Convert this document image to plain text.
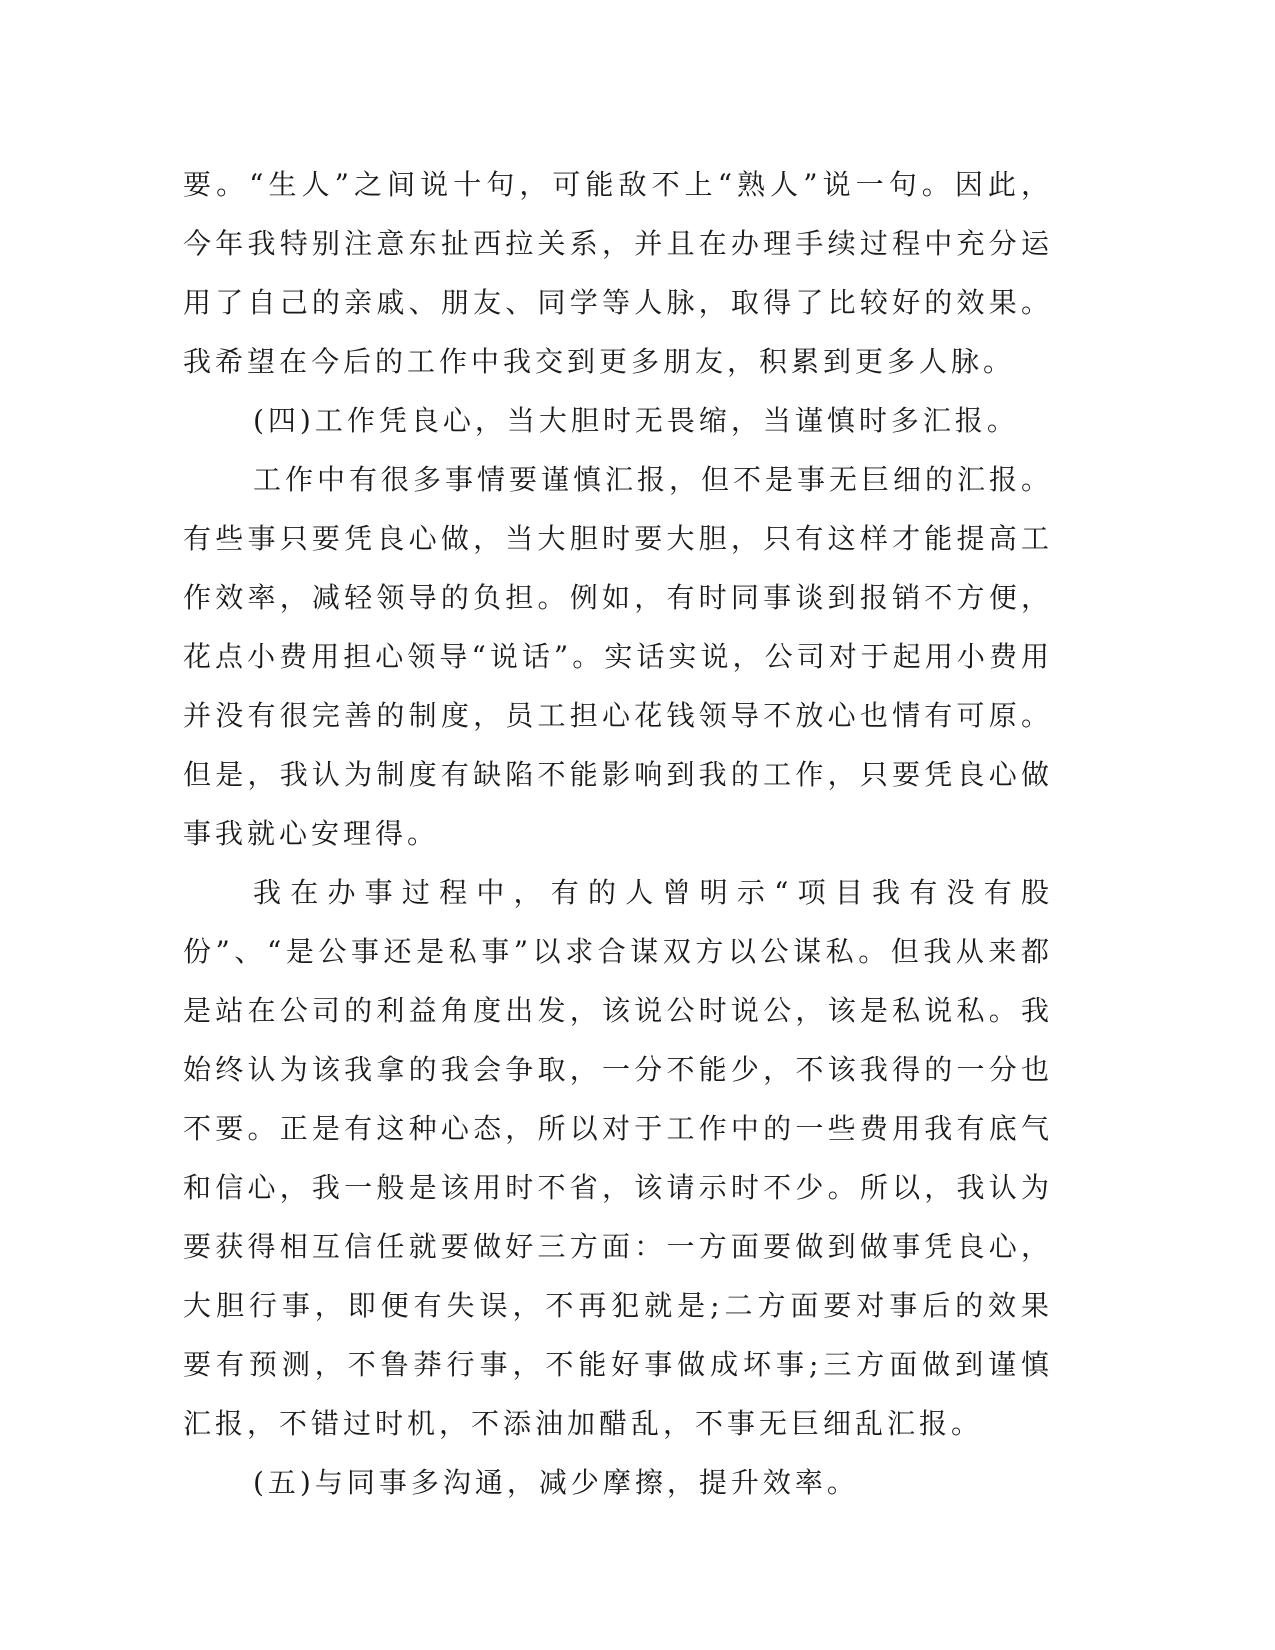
要。“生人”之间说十句，可能敌不上“熟人”说一句。因此，今年我特别注意东扯西拉关系，并且在办理手续过程中充分运用了自己的亲戚、朋友、同学等人脉，取得了比较好的效果。我希望在今后的工作中我交到更多朋友，积累到更多人脉。

(四)工作凭良心，当大胆时无畏缩，当谨慎时多汇报。

工作中有很多事情要谨慎汇报，但不是事无巨细的汇报。有些事只要凭良心做，当大胆时要大胆，只有这样才能提高工作效率，减轻领导的负担。例如，有时同事谈到报销不方便，花点小费用担心领导“说话”。实话实说，公司对于起用小费用并没有很完善的制度，员工担心花钱领导不放心也情有可原。但是，我认为制度有缺陷不能影响到我的工作，只要凭良心做事我就心安理得。

我在办事过程中，有的人曾明示“项目我有没有股份”、“是公事还是私事”以求合谋双方以公谋私。但我从来都是站在公司的利益角度出发，该说公时说公，该是私说私。我始终认为该我拿的我会争取，一分不能少，不该我得的一分也不要。正是有这种心态，所以对于工作中的一些费用我有底气和信心，我一般是该用时不省，该请示时不少。所以，我认为要获得相互信任就要做好三方面：一方面要做到做事凭良心，大胆行事，即便有失误，不再犯就是;二方面要对事后的效果要有预测，不鲁莽行事，不能好事做成坏事;三方面做到谨慎汇报，不错过时机，不添油加醋乱，不事无巨细乱汇报。

(五)与同事多沟通，减少摩擦，提升效率。
